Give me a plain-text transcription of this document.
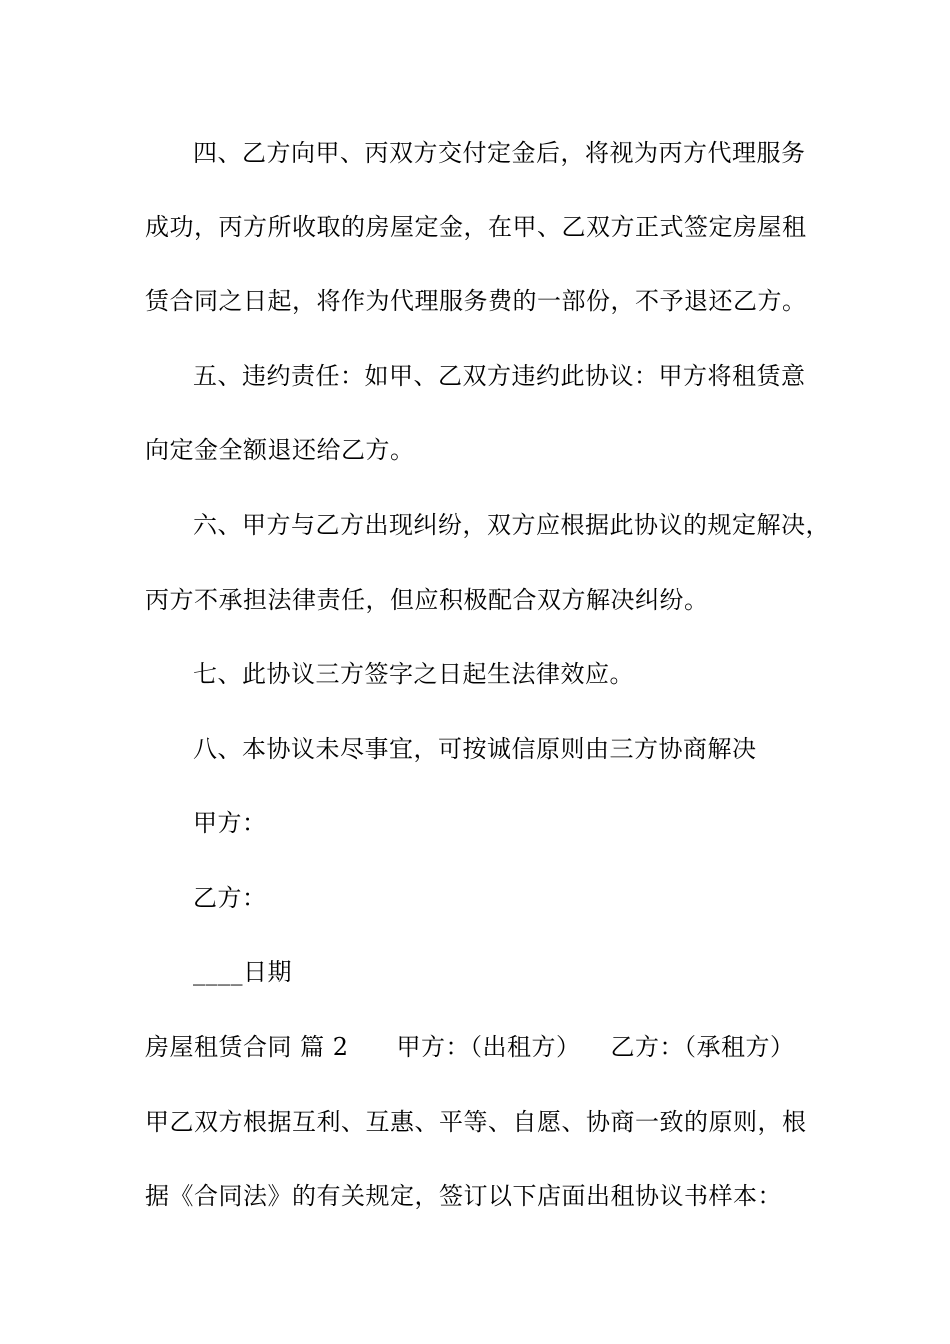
四、乙方向甲、丙双方交付定金后，将视为丙方代理服务
成功，丙方所收取的房屋定金，在甲、乙双方正式签定房屋租
赁合同之日起，将作为代理服务费的一部份，不予退还乙方。
五、违约责任：如甲、乙双方违约此协议：甲方将租赁意
向定金全额退还给乙方。
六、甲方与乙方出现纠纷，双方应根据此协议的规定解决，
丙方不承担法律责任，但应积极配合双方解决纠纷。
七、此协议三方签字之日起生法律效应。
八、本协议未尽事宜，可按诚信原则由三方协商解决
甲方：
乙方：
____日期
房屋租赁合同 篇 2 甲方：（出租方） 乙方：（承租方）
甲乙双方根据互利、互惠、平等、自愿、协商一致的原则，根
据《合同法》的有关规定，签订以下店面出租协议书样本：
